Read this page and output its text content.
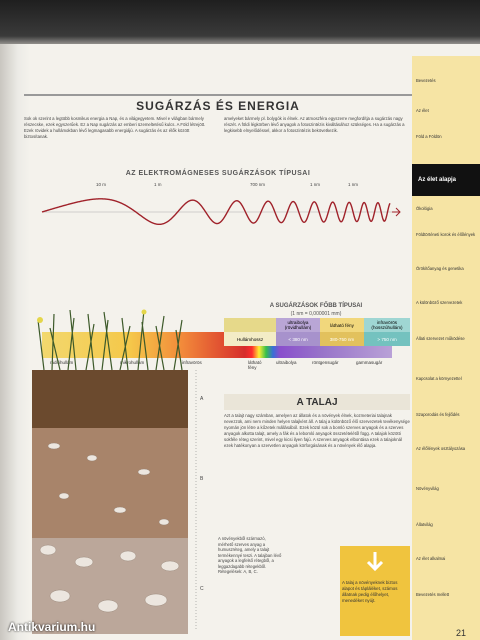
SUGÁRZÁS ÉS ENERGIA
Sok ok szerint a legtöbb kosmikus energia a Nap, és a világegyetem. Mivel e világban bármely részecske, ezek egyszerűek. Ez a Nap sugárzás az emberi üzemeltetésű kulcs. A Föld létrejött. Ezek rövidek a hullámokban lévő legmagasabb energiájú. A sugárzás és az élők között biztosítanak.
amelyeket bármely pl. bolygók is élnek. Az atmoszféra egyszerre megfordítja a sugárzás nagy részét. A földi légkörben lévő anyagok a fotoszintézis kiváltásához szükséges. Ha a sugárzás a legkisebb elnyelődéssel, akkor a fotoszintézis bekövetkezik.
AZ ELEKTROMÁGNESES SUGÁRZÁSOK TÍPUSAI
10 m	1 m	700 nm	1 nm	1 nm
rádióhullám	mikrohullám	infravörös	látható fény
ultraibolya	röntgensugár	gammasugár
A SUGÁRZÁSOK FŐBB TÍPUSAI
(1 nm = 0,000001 mm)
ultraibolya (rövidhullám)	látható fény	infravörös (hosszúhullám)
Hullámhossz	< 380 nm	380-750 nm	> 750 nm
A
B
C
A TALAJ
Azt a talajt nagy számban, amelyen az állatok és a növények élnek, kozmeteriai talajnak nevezzük, ami nem minden helyen talajként áll. A talaj a különböző élő szervezetek tevékenysége nyomán jön létre a kőzetek mállásából. Ezek közül sok a bomló szerves anyagok és a szerves anyagok alkotta talajt, amely a fák és a lebomló anyagok összetételétől függ. A talajok közötti sokféle réteg szerint, mivel egy kicsi ilyen fajú. A szerves anyagok elbontása ezek a talajoknál ezek hatékonyan a szervetlen anyagok körforgásának és a növények élő alapja.
A növényekből származó, mérhető szerves anyag a humuszréteg, amely a talajt termékennyé teszi. A talajban lévő anyagok a legfelső rétegből, a leggazdagabb rétegekből. Rétegelések: A, B, C.
A talaj a növényeknek biztos alapot és tápláléket, számos állatnak pedig élőhelyet, menedéket nyújt.
Bevezetés
Az élet
Föld a Földön
Az élet alapja
Ökológia
Földtörténeti korok és élőlények
Örökítőanyag és genetika
A különböző szervezetek
Állati szervezet működése
Kapcsolat a környezettel
Szaporodás és fejlődés
Az élőlények osztályozása
Növényvilág
Állatvilág
Az élet alkalmai
Bevezetés mellett
21
Antikvarium.hu
